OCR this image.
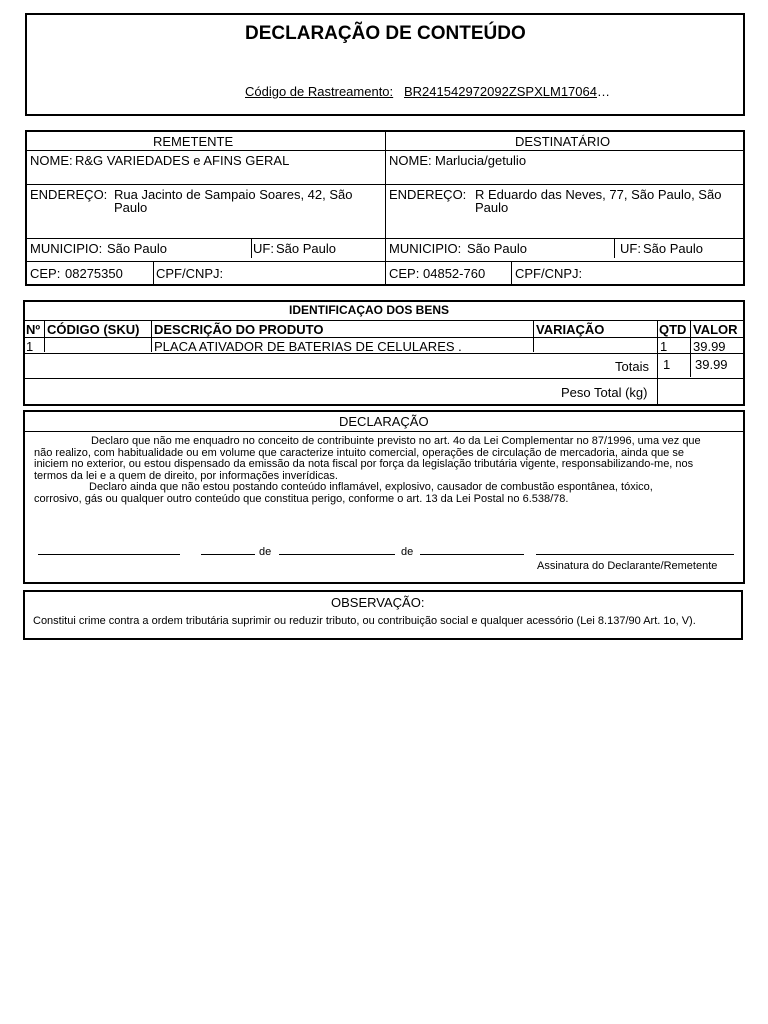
DECLARAÇÃO DE CONTEÚDO
Código de Rastreamento: BR241542972092ZSPXLM17064…
REMETENTE
NOME: R&G VARIEDADES e AFINS GERAL
ENDEREÇO: Rua Jacinto de Sampaio Soares, 42, São
Paulo
MUNICIPIO: São Paulo	UF: São Paulo
CEP: 08275350	CPF/CNPJ:
DESTINATÁRIO
NOME: Marlucia/getulio
ENDEREÇO: R Eduardo das Neves, 77, São Paulo, São
Paulo
MUNICIPIO: São Paulo	UF: São Paulo
CEP: 04852-760 CPF/CNPJ:
IDENTIFICAÇAO DOS BENS
Nº CÓDIGO (SKU) DESCRIÇÃO DO PRODUTO	VARIAÇÃO	QTD VALOR
1	PLACA ATIVADOR DE BATERIAS DE CELULARES .	1 39.99
Totais 1 39.99
Peso Total (kg)
DECLARAÇÃO
Declaro que não me enquadro no conceito de contribuinte previsto no art. 4o da Lei Complementar no 87/1996, uma vez que
não realizo, com habitualidade ou em volume que caracterize intuito comercial, operações de circulação de mercadoria, ainda que se
iniciem no exterior, ou estou dispensado da emissão da nota fiscal por força da legislação tributária vigente, responsabilizando-me, nos
termos da lei e a quem de direito, por informações inverídicas.
Declaro ainda que não estou postando conteúdo inflamável, explosivo, causador de combustão espontânea, tóxico,
corrosivo, gás ou qualquer outro conteúdo que constitua perigo, conforme o art. 13 da Lei Postal no 6.538/78.
de	de
Assinatura do Declarante/Remetente
OBSERVAÇÃO:
Constitui crime contra a ordem tributária suprimir ou reduzir tributo, ou contribuição social e qualquer acessório (Lei 8.137/90 Art. 1o, V).
